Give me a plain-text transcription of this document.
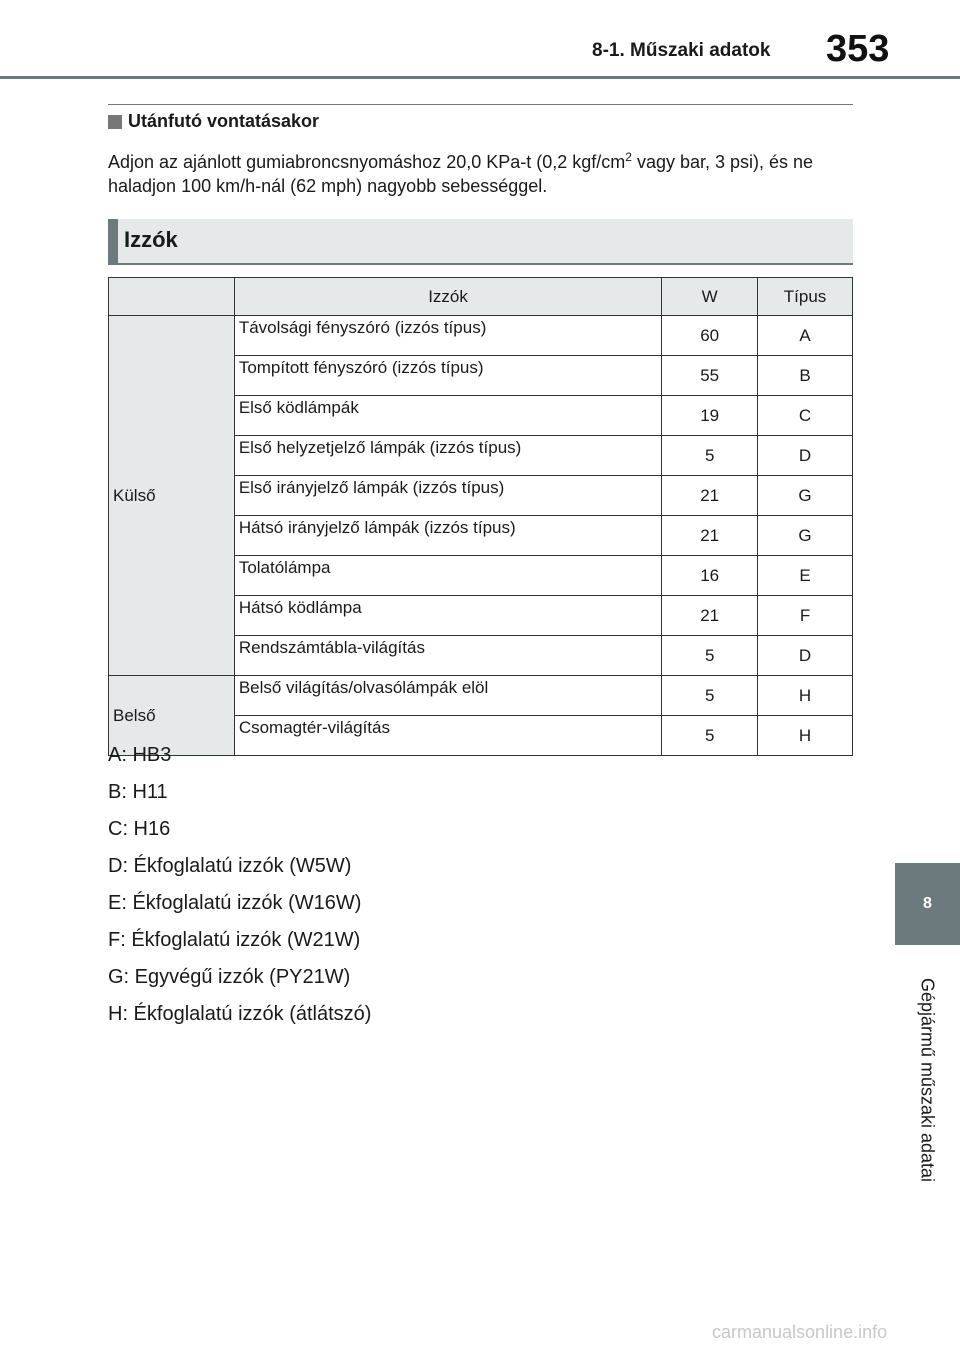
353
8-1. Műszaki adatok
Utánfutó vontatásakor
Adjon az ajánlott gumiabroncsnyomáshoz 20,0 KPa-t (0,2 kgf/$cm^2$ vagy bar, 3 psi), és ne haladjon 100 km/h-nál (62 mph) nagyobb sebességgel.
Izzók
	Izzók	W	Típus
Külső	Távolsági fényszóró (izzós típus)	60	A
	Tompított fényszóró (izzós típus)	55	B
	Első ködlámpák	19	C
	Első helyzetjelző lámpák (izzós típus)	5	D
	Első irányjelző lámpák (izzós típus)	21	G
	Hátsó irányjelző lámpák (izzós típus)	21	G
	Tolatólámpa	16	E
	Hátsó ködlámpa	21	F
	Rendszámtábla-világítás	5	D
Belső	Belső világítás/olvasólámpák elöl	5	H
	Csomagtér-világítás	5	H
A: HB3
B: H11
C: H16
D: Ékfoglalatú izzók (W5W)
E: Ékfoglalatú izzók (W16W)
F: Ékfoglalatú izzók (W21W)
G: Egyvégű izzók (PY21W)
H: Ékfoglalatú izzók (átlátszó)
8
Gépjármű műszaki adatai
carmanualsonline.info
